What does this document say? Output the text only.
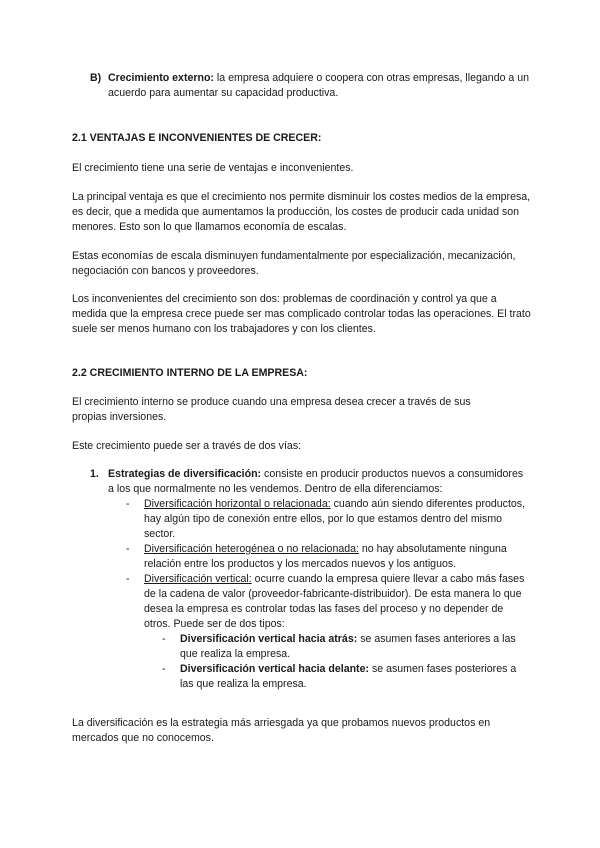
B) Crecimiento externo: la empresa adquiere o coopera con otras empresas, llegando a un acuerdo para aumentar su capacidad productiva.
2.1 VENTAJAS E INCONVENIENTES DE CRECER:

El crecimiento tiene una serie de ventajas e inconvenientes.

La principal ventaja es que el crecimiento nos permite disminuir los costes medios de la empresa, es decir, que a medida que aumentamos la producción, los costes de producir cada unidad son menores. Esto son lo que llamamos economía de escalas.

Estas economías de escala disminuyen fundamentalmente por especialización, mecanización, negociación con bancos y proveedores.

Los inconvenientes del crecimiento son dos: problemas de coordinación y control ya que a medida que la empresa crece puede ser mas complicado controlar todas las operaciones. El trato suele ser menos humano con los trabajadores y con los clientes.

2.2 CRECIMIENTO INTERNO DE LA EMPRESA:

El crecimiento interno se produce cuando una empresa desea crecer a través de sus propias inversiones.

Este crecimiento puede ser a través de dos vías:

1. Estrategias de diversificación: consiste en producir productos nuevos a consumidores a los que normalmente no les vendemos. Dentro de ella diferenciamos:
- Diversificación horizontal o relacionada: cuando aún siendo diferentes productos, hay algún tipo de conexión entre ellos, por lo que estamos dentro del mismo sector.
- Diversificación heterogénea o no relacionada: no hay absolutamente ninguna relación entre los productos y los mercados nuevos y los antiguos.
- Diversificación vertical: ocurre cuando la empresa quiere llevar a cabo más fases de la cadena de valor (proveedor-fabricante-distribuidor). De esta manera lo que desea la empresa es controlar todas las fases del proceso y no depender de otros. Puede ser de dos tipos:
- Diversificación vertical hacia atrás: se asumen fases anteriores a las que realiza la empresa.
- Diversificación vertical hacia delante: se asumen fases posteriores a las que realiza la empresa.

La diversificación es la estrategia más arriesgada ya que probamos nuevos productos en mercados que no conocemos.
